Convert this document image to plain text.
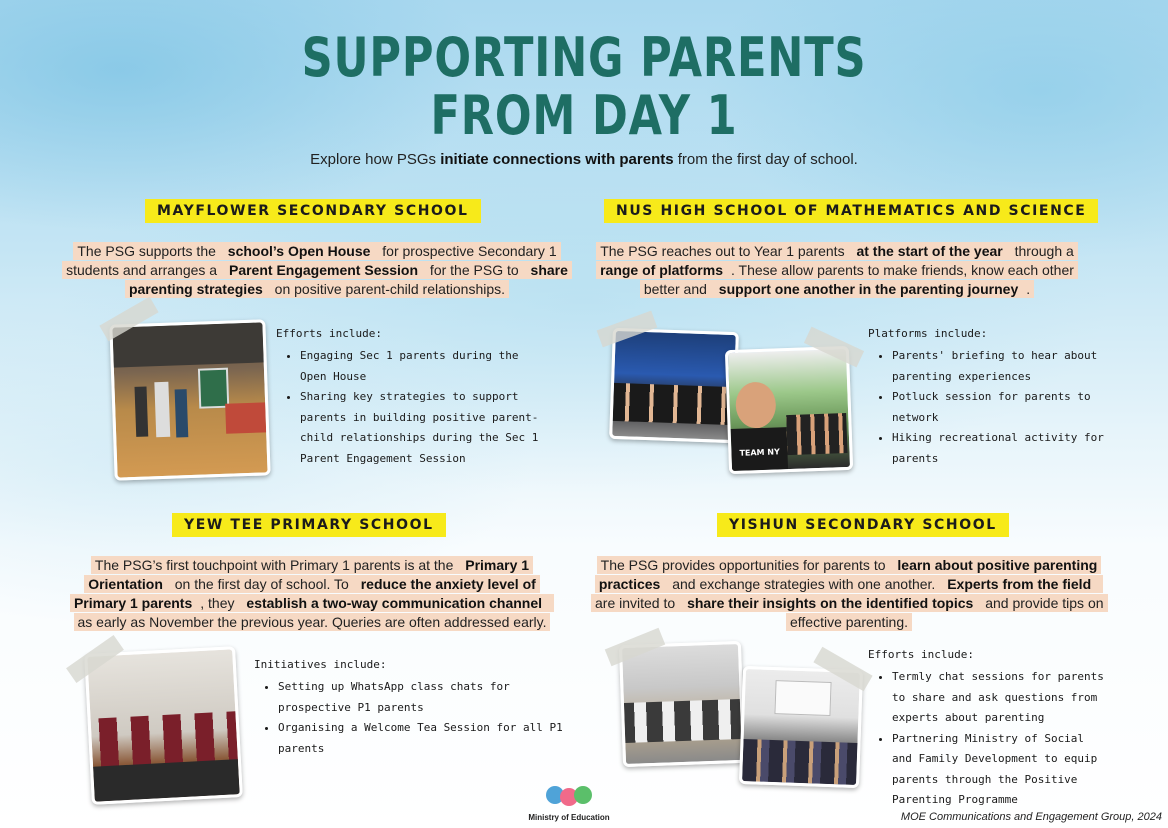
SUPPORTING PARENTS
FROM DAY 1
Explore how PSGs initiate connections with parents from the first day of school.
MAYFLOWER SECONDARY SCHOOL
The PSG supports the school’s Open House for prospective Secondary 1 students and arranges a Parent Engagement Session for the PSG to share parenting strategies on positive parent-child relationships.
Efforts include:
• Engaging Sec 1 parents during the Open House
• Sharing key strategies to support parents in building positive parent-child relationships during the Sec 1 Parent Engagement Session
NUS HIGH SCHOOL OF MATHEMATICS AND SCIENCE
The PSG reaches out to Year 1 parents at the start of the year through a range of platforms . These allow parents to make friends, know each other better and support one another in the parenting journey .
TEAM NY
Platforms include:
• Parents' briefing to hear about parenting experiences
• Potluck session for parents to network
• Hiking recreational activity for parents
YEW TEE PRIMARY SCHOOL
The PSG’s first touchpoint with Primary 1 parents is at the Primary 1 Orientation on the first day of school. To reduce the anxiety level of Primary 1 parents , they establish a two-way communication channel as early as November the previous year. Queries are often addressed early.
Initiatives include:
• Setting up WhatsApp class chats for prospective P1 parents
• Organising a Welcome Tea Session for all P1 parents
YISHUN SECONDARY SCHOOL
The PSG provides opportunities for parents to learn about positive parenting practices and exchange strategies with one another. Experts from the field are invited to share their insights on the identified topics and provide tips on effective parenting.
Efforts include:
• Termly chat sessions for parents to share and ask questions from experts about parenting
• Partnering Ministry of Social and Family Development to equip parents through the Positive Parenting Programme
Ministry of Education	MOE Communications and Engagement Group, 2024
